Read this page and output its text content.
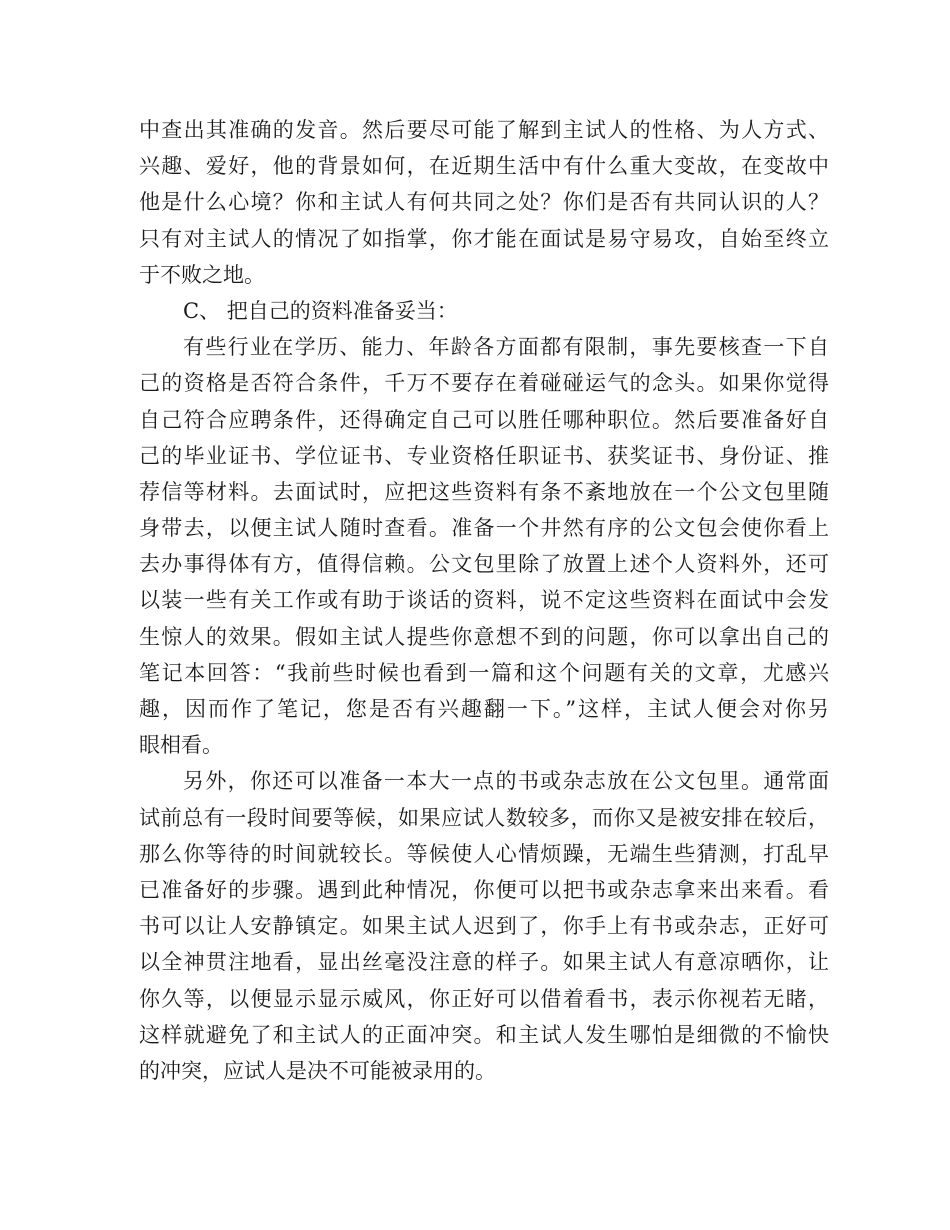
中查出其准确的发音。然后要尽可能了解到主试人的性格、为人方式、
兴趣、爱好，他的背景如何，在近期生活中有什么重大变故，在变故中
他是什么心境？你和主试人有何共同之处？你们是否有共同认识的人？
只有对主试人的情况了如指掌，你才能在面试是易守易攻，自始至终立
于不败之地。
C、 把自己的资料准备妥当：
有些行业在学历、能力、年龄各方面都有限制，事先要核查一下自
己的资格是否符合条件，千万不要存在着碰碰运气的念头。如果你觉得
自己符合应聘条件，还得确定自己可以胜任哪种职位。然后要准备好自
己的毕业证书、学位证书、专业资格任职证书、获奖证书、身份证、推
荐信等材料。去面试时，应把这些资料有条不紊地放在一个公文包里随
身带去，以便主试人随时查看。准备一个井然有序的公文包会使你看上
去办事得体有方，值得信赖。公文包里除了放置上述个人资料外，还可
以装一些有关工作或有助于谈话的资料，说不定这些资料在面试中会发
生惊人的效果。假如主试人提些你意想不到的问题，你可以拿出自己的
笔记本回答：“我前些时候也看到一篇和这个问题有关的文章，尤感兴
趣，因而作了笔记，您是否有兴趣翻一下。”这样，主试人便会对你另
眼相看。
另外，你还可以准备一本大一点的书或杂志放在公文包里。通常面
试前总有一段时间要等候，如果应试人数较多，而你又是被安排在较后，
那么你等待的时间就较长。等候使人心情烦躁，无端生些猜测，打乱早
已准备好的步骤。遇到此种情况，你便可以把书或杂志拿来出来看。看
书可以让人安静镇定。如果主试人迟到了，你手上有书或杂志，正好可
以全神贯注地看，显出丝毫没注意的样子。如果主试人有意凉晒你，让
你久等，以便显示显示威风，你正好可以借着看书，表示你视若无睹，
这样就避免了和主试人的正面冲突。和主试人发生哪怕是细微的不愉快
的冲突，应试人是决不可能被录用的。
